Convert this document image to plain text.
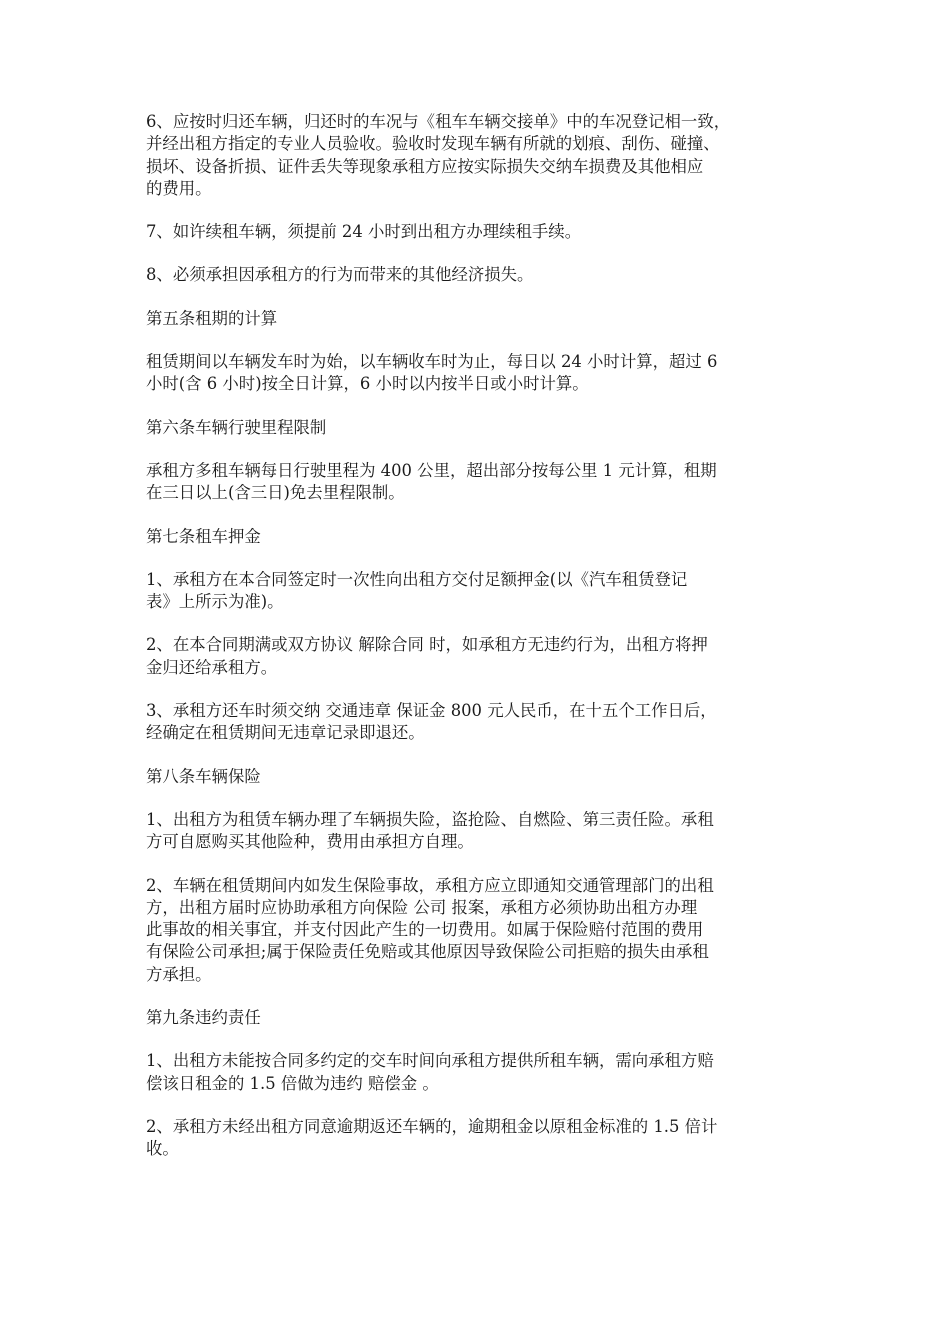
6、应按时归还车辆，归还时的车况与《租车车辆交接单》中的车况登记相一致，
并经出租方指定的专业人员验收。验收时发现车辆有所就的划痕、刮伤、碰撞、
损坏、设备折损、证件丢失等现象承租方应按实际损失交纳车损费及其他相应
的费用。
7、如许续租车辆，须提前 24 小时到出租方办理续租手续。
8、必须承担因承租方的行为而带来的其他经济损失。
第五条租期的计算
租赁期间以车辆发车时为始，以车辆收车时为止，每日以 24 小时计算，超过 6
小时(含 6 小时)按全日计算，6 小时以内按半日或小时计算。
第六条车辆行驶里程限制
承租方多租车辆每日行驶里程为 400 公里，超出部分按每公里 1 元计算，租期
在三日以上(含三日)免去里程限制。
第七条租车押金
1、承租方在本合同签定时一次性向出租方交付足额押金(以《汽车租赁登记
表》上所示为准)。
2、在本合同期满或双方协议 解除合同 时，如承租方无违约行为，出租方将押
金归还给承租方。
3、承租方还车时须交纳 交通违章 保证金 800 元人民币，在十五个工作日后，
经确定在租赁期间无违章记录即退还。
第八条车辆保险
1、出租方为租赁车辆办理了车辆损失险，盗抢险、自燃险、第三责任险。承租
方可自愿购买其他险种，费用由承担方自理。
2、车辆在租赁期间内如发生保险事故，承租方应立即通知交通管理部门的出租
方，出租方届时应协助承租方向保险 公司 报案，承租方必须协助出租方办理
此事故的相关事宜，并支付因此产生的一切费用。如属于保险赔付范围的费用
有保险公司承担;属于保险责任免赔或其他原因导致保险公司拒赔的损失由承租
方承担。
第九条违约责任
1、出租方未能按合同多约定的交车时间向承租方提供所租车辆，需向承租方赔
偿该日租金的 1.5 倍做为违约 赔偿金 。
2、承租方未经出租方同意逾期返还车辆的，逾期租金以原租金标准的 1.5 倍计
收。
